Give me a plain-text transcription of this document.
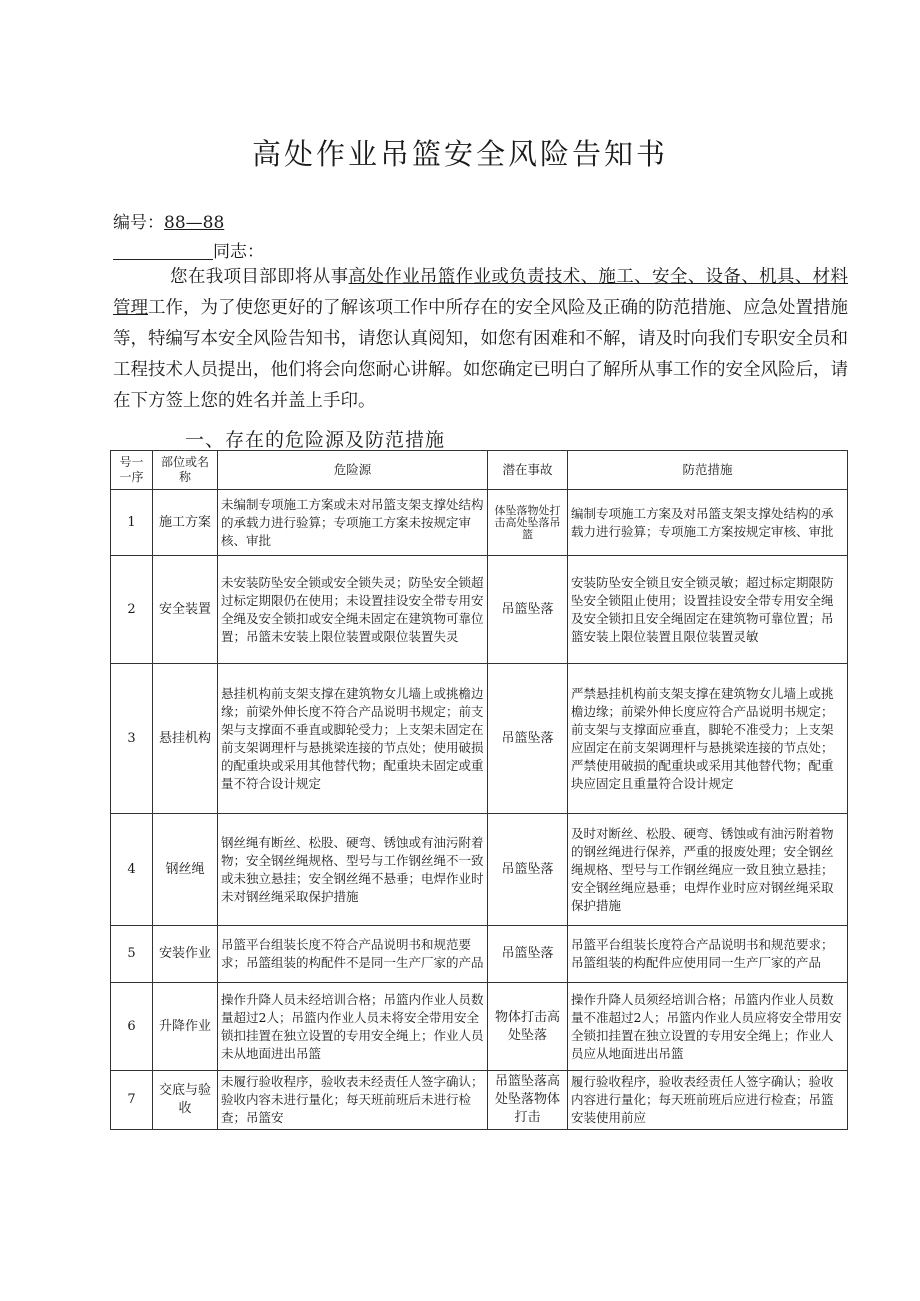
高处作业吊篮安全风险告知书
编号：88—88
同志：

您在我项目部即将从事高处作业吊篮作业或负责技术、施工、安全、设备、机具、材料管理工作，为了使您更好的了解该项工作中所存在的安全风险及正确的防范措施、应急处置措施等，特编写本安全风险告知书，请您认真阅知，如您有困难和不解，请及时向我们专职安全员和工程技术人员提出，他们将会向您耐心讲解。如您确定已明白了解所从事工作的安全风险后，请在下方签上您的姓名并盖上手印。

一、存在的危险源及防范措施
号一一序	部位或名称	危险源	潜在事故	防范措施
1	施工方案	未编制专项施工方案或未对吊篮支架支撑处结构的承载力进行验算；专项施工方案未按规定审核、审批	体坠落物处打击高处坠落吊篮	编制专项施工方案及对吊篮支架支撑处结构的承载力进行验算；专项施工方案按规定审核、审批
2	安全装置	未安装防坠安全锁或安全锁失灵；防坠安全锁超过标定期限仍在使用；未设置挂设安全带专用安全绳及安全锁扣或安全绳未固定在建筑物可靠位置；吊篮未安装上限位装置或限位装置失灵	吊篮坠落	安装防坠安全锁且安全锁灵敏；超过标定期限防坠安全锁阻止使用；设置挂设安全带专用安全绳及安全锁扣且安全绳固定在建筑物可靠位置；吊篮安装上限位装置且限位装置灵敏
3	悬挂机构	悬挂机构前支架支撑在建筑物女儿墙上或挑檐边缘；前梁外伸长度不符合产品说明书规定；前支架与支撑面不垂直或脚轮受力；上支架未固定在前支架调理杆与悬挑梁连接的节点处；使用破损的配重块或采用其他替代物；配重块未固定或重量不符合设计规定	吊篮坠落	严禁悬挂机构前支架支撑在建筑物女儿墙上或挑檐边缘；前梁外伸长度应符合产品说明书规定；前支架与支撑面应垂直，脚轮不准受力；上支架应固定在前支架调理杆与悬挑梁连接的节点处；严禁使用破损的配重块或采用其他替代物；配重块应固定且重量符合设计规定
4	钢丝绳	钢丝绳有断丝、松股、硬弯、锈蚀或有油污附着物；安全钢丝绳规格、型号与工作钢丝绳不一致或未独立悬挂；安全钢丝绳不悬垂；电焊作业时未对钢丝绳采取保护措施	吊篮坠落	及时对断丝、松股、硬弯、锈蚀或有油污附着物的钢丝绳进行保养，严重的报废处理；安全钢丝绳规格、型号与工作钢丝绳应一致且独立悬挂；安全钢丝绳应悬垂；电焊作业时应对钢丝绳采取保护措施
5	安装作业	吊篮平台组装长度不符合产品说明书和规范要求；吊篮组装的构配件不是同一生产厂家的产品	吊篮坠落	吊篮平台组装长度符合产品说明书和规范要求；吊篮组装的构配件应使用同一生产厂家的产品
6	升降作业	操作升降人员未经培训合格；吊篮内作业人员数量超过2人；吊篮内作业人员未将安全带用安全锁扣挂置在独立设置的专用安全绳上；作业人员未从地面进出吊篮	物体打击高处坠落	操作升降人员须经培训合格；吊篮内作业人员数量不准超过2人；吊篮内作业人员应将安全带用安全锁扣挂置在独立设置的专用安全绳上；作业人员应从地面进出吊篮
7	交底与验收	未履行验收程序，验收表未经责任人签字确认；验收内容未进行量化；每天班前班后未进行检查；吊篮安	吊篮坠落高处坠落物体打击	履行验收程序，验收表经责任人签字确认；验收内容进行量化；每天班前班后应进行检查；吊篮安装使用前应
